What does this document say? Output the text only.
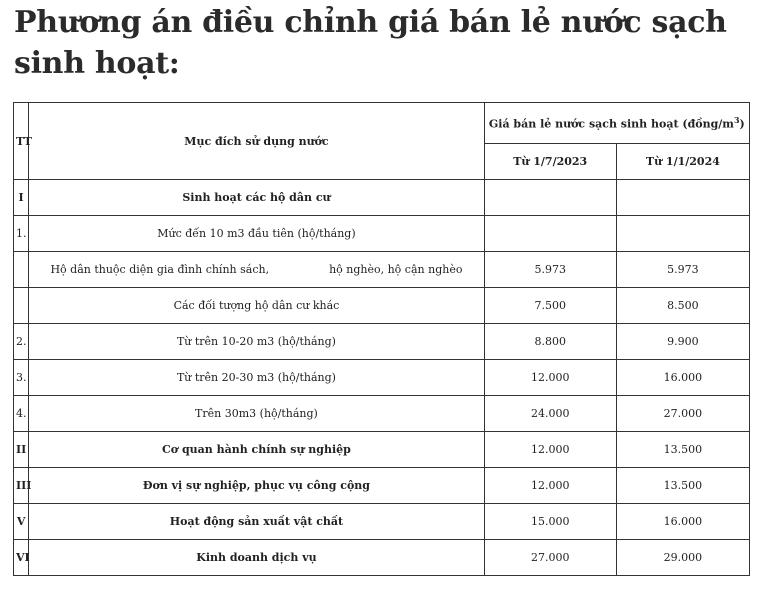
Phương án điều chỉnh giá bán lẻ nước sạch sinh hoạt:
TT	Mục đích sử dụng nước	Giá bán lẻ nước sạch sinh hoạt $(đồng/m^3)$	
		Từ 1/7/2023	Từ 1/1/2024
I	Sinh hoạt các hộ dân cư		
1.	Mức đến 10 m3 đầu tiên (hộ/tháng)		
	Hộ dân thuộc diện gia đình chính sách, hộ nghèo, hộ cận nghèo	5.973	5.973
	Các đối tượng hộ dân cư khác	7.500	8.500
2.	Từ trên 10-20 m3 (hộ/tháng)	8.800	9.900
3.	Từ trên 20-30 m3 (hộ/tháng)	12.000	16.000
4.	Trên 30m3 (hộ/tháng)	24.000	27.000
II	Cơ quan hành chính sự nghiệp	12.000	13.500
III	Đơn vị sự nghiệp, phục vụ công cộng	12.000	13.500
V	Hoạt động sản xuất vật chất	15.000	16.000
VI	Kinh doanh dịch vụ	27.000	29.000
